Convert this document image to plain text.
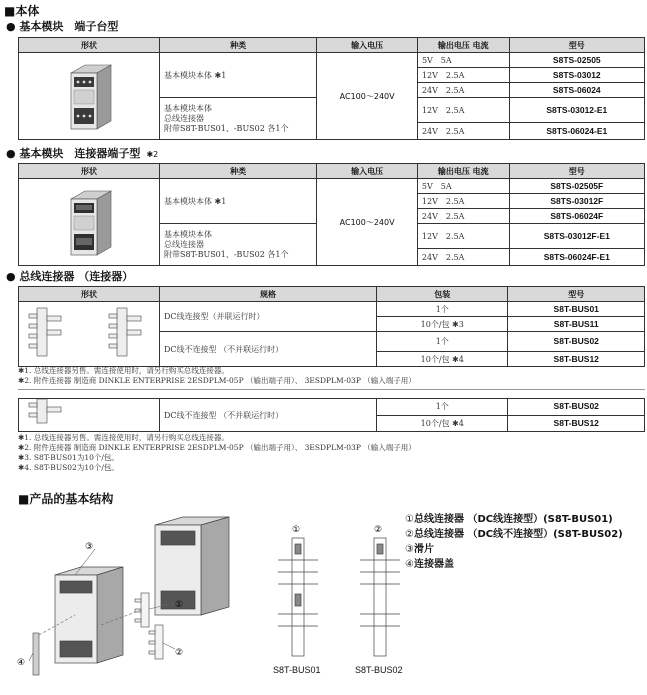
■本体
● 基本模块　端子台型
形状	种类	输入电压	输出电压 电流	型号
	基本模块本体 ✱1	AC100～240V	5V　5A	S8TS-02505
			12V　2.5A	S8TS-03012
			24V　2.5A	S8TS-06024

	基本模块本体
总线连接器
附带S8T-BUS01、-BUS02 各1个		12V　2.5A	S8TS-03012-E1
			24V　2.5A	S8TS-06024-E1
● 基本模块　连接器端子型 ✱2
形状	种类	输入电压	输出电压 电流	型号
	基本模块本体 ✱1	AC100～240V	5V　5A	S8TS-02505F
			12V　2.5A	S8TS-03012F
			24V　2.5A	S8TS-06024F

	基本模块本体
总线连接器
附带S8T-BUS01、-BUS02 各1个		12V　2.5A	S8TS-03012F-E1
			24V　2.5A	S8TS-06024F-E1
● 总线连接器 （连接器）
形状	规格	包装	型号
	DC线连接型（并联运行时）	1个	S8T-BUS01
		10个/包 ✱3	S8T-BUS11
	DC线不连接型 （不并联运行时）	1个	S8T-BUS02
		10个/包 ✱4	S8T-BUS12
✱1. 总线连接器另售。需连接使用时，请另行购买总线连接器。
✱2. 附件连接器 制造商 DINKLE ENTERPRISE 2ESDPLM-05P （输出端子用）、 3ESDPLM-03P （输入端子用）
	DC线不连接型 （不并联运行时）	1个	S8T-BUS02
		10个/包 ✱4	S8T-BUS12
✱1. 总线连接器另售。需连接使用时，请另行购买总线连接器。
✱2. 附件连接器 制造商 DINKLE ENTERPRISE 2ESDPLM-05P （输出端子用）、 3ESDPLM-03P （输入端子用）
✱3. S8T-BUS01为10个/包。
✱4. S8T-BUS02为10个/包。
■产品的基本结构
③
①
②
④
①	②
S8T-BUS01	S8T-BUS02
①总线连接器 （DC线连接型）(S8T-BUS01)
②总线连接器 （DC线不连接型）(S8T-BUS02)
③滑片
④连接器盖
